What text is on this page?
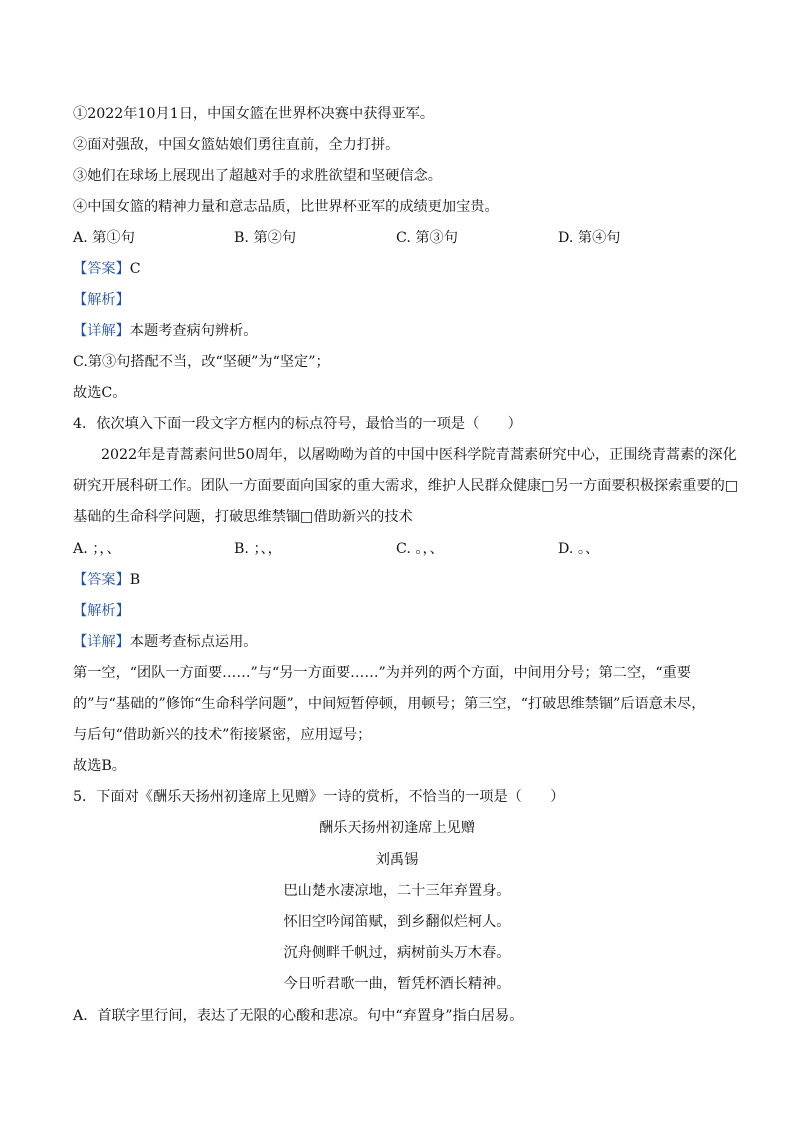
①2022年10月1日，中国女篮在世界杯决赛中获得亚军。
②面对强敌，中国女篮姑娘们勇往直前，全力打拼。
③她们在球场上展现出了超越对手的求胜欲望和坚硬信念。
④中国女篮的精神力量和意志品质，比世界杯亚军的成绩更加宝贵。
A. 第①句	B. 第②句	C. 第③句	D. 第④句
【答案】C
【解析】
【详解】本题考查病句辨析。
C.第③句搭配不当，改“坚硬”为“坚定”；
故选C。
4．依次填入下面一段文字方框内的标点符号，最恰当的一项是（　　）
2022年是青蒿素问世50周年，以屠呦呦为首的中国中医科学院青蒿素研究中心，正围绕青蒿素的深化
研究开展科研工作。团队一方面要面向国家的重大需求，维护人民群众健康□另一方面要积极探索重要的□
基础的生命科学问题，打破思维禁锢□借助新兴的技术
A. ；，、	B. ；、，	C. 。，、	D. 。、
【答案】B
【解析】
【详解】本题考查标点运用。
第一空，“团队一方面要……”与“另一方面要……”为并列的两个方面，中间用分号；第二空，“重要
的”与“基础的”修饰“生命科学问题”，中间短暂停顿，用顿号；第三空，“打破思维禁锢”后语意未尽，
与后句“借助新兴的技术”衔接紧密，应用逗号；
故选B。
5．下面对《酬乐天扬州初逢席上见赠》一诗的赏析，不恰当的一项是（　　）
酬乐天扬州初逢席上见赠
刘禹锡
巴山楚水凄凉地，二十三年弃置身。
怀旧空吟闻笛赋，到乡翻似烂柯人。
沉舟侧畔千帆过，病树前头万木春。
今日听君歌一曲，暂凭杯酒长精神。
A．首联字里行间，表达了无限的心酸和悲凉。句中“弃置身”指白居易。
